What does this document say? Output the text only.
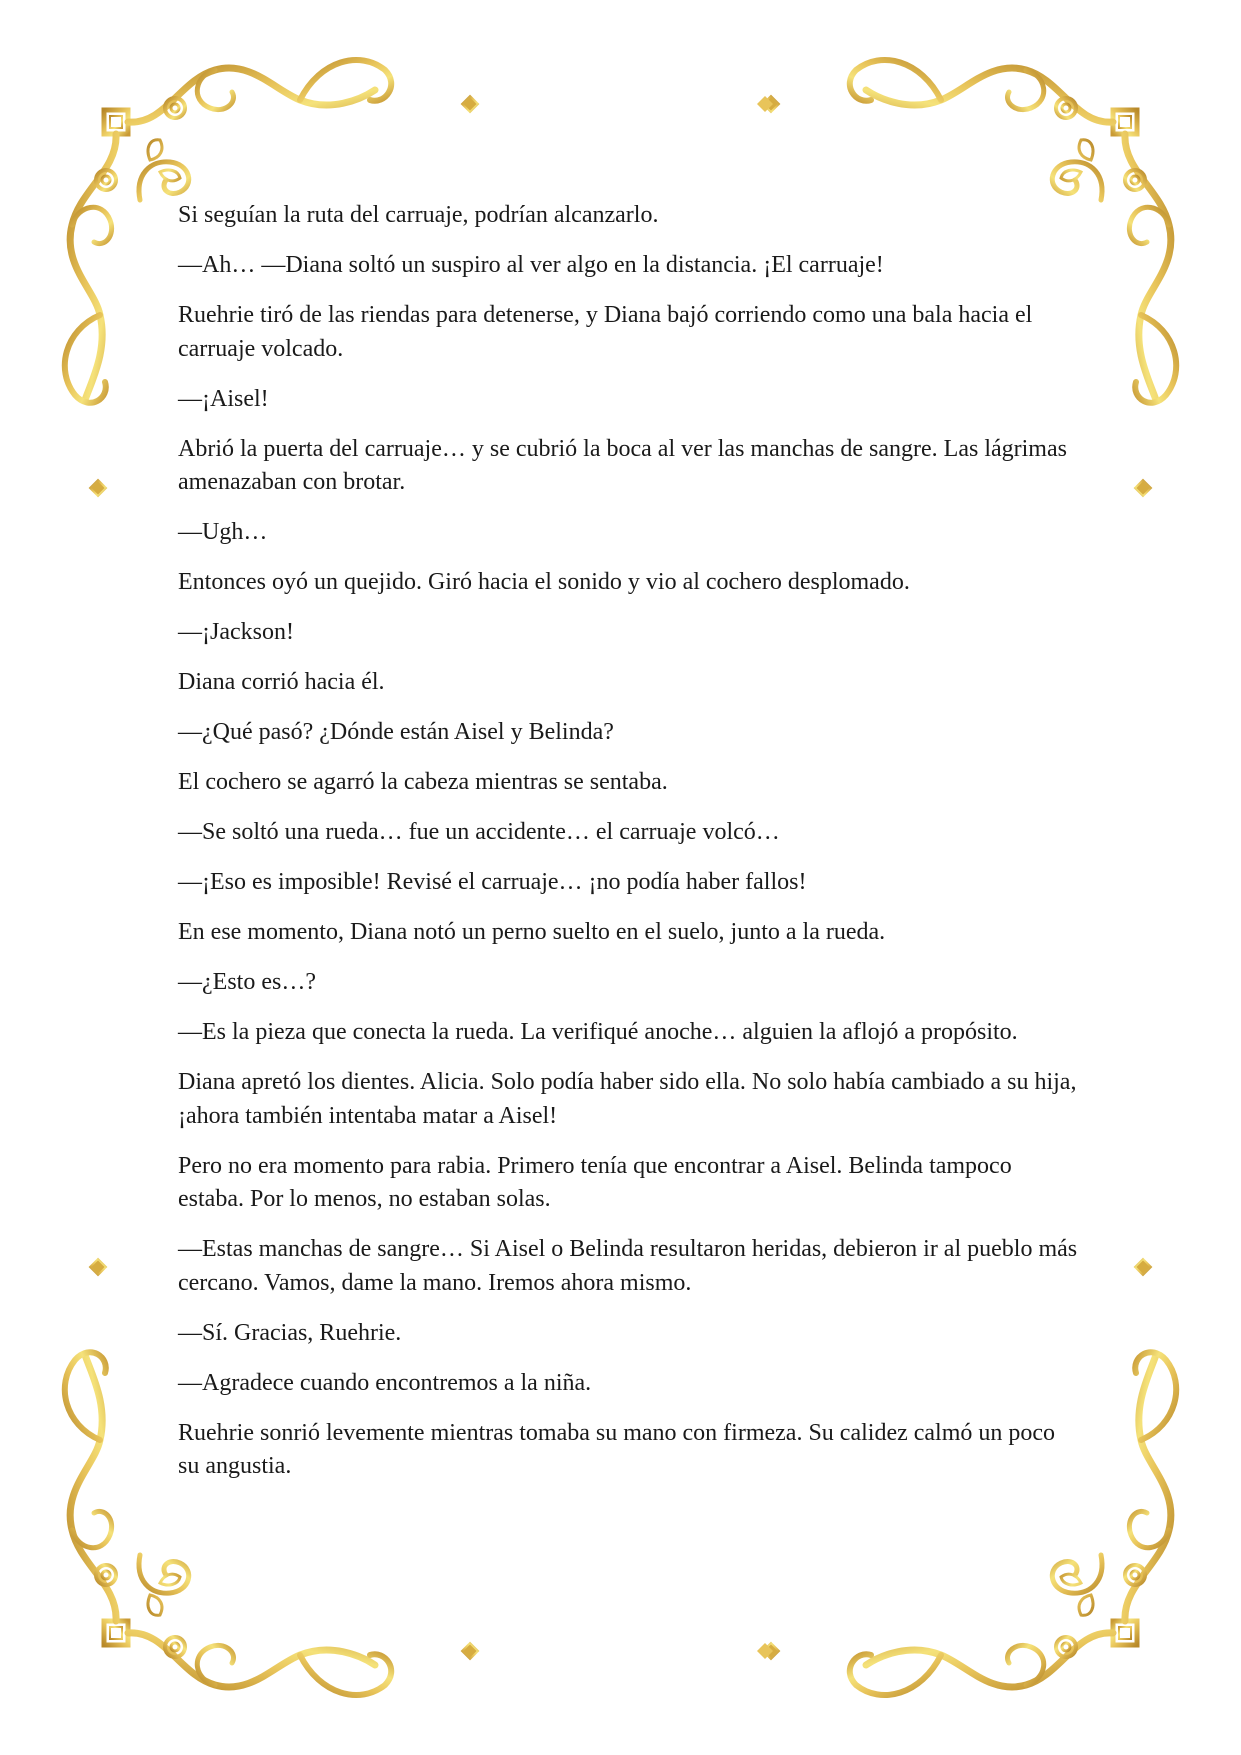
Si seguían la ruta del carruaje, podrían alcanzarlo.

—Ah… —Diana soltó un suspiro al ver algo en la distancia. ¡El carruaje!

Ruehrie tiró de las riendas para detenerse, y Diana bajó corriendo como una bala hacia el carruaje volcado.

—¡Aisel!

Abrió la puerta del carruaje… y se cubrió la boca al ver las manchas de sangre. Las lágrimas amenazaban con brotar.

—Ugh…

Entonces oyó un quejido. Giró hacia el sonido y vio al cochero desplomado.

—¡Jackson!

Diana corrió hacia él.

—¿Qué pasó? ¿Dónde están Aisel y Belinda?

El cochero se agarró la cabeza mientras se sentaba.

—Se soltó una rueda… fue un accidente… el carruaje volcó…

—¡Eso es imposible! Revisé el carruaje… ¡no podía haber fallos!

En ese momento, Diana notó un perno suelto en el suelo, junto a la rueda.

—¿Esto es…?

—Es la pieza que conecta la rueda. La verifiqué anoche… alguien la aflojó a propósito.

Diana apretó los dientes. Alicia. Solo podía haber sido ella. No solo había cambiado a su hija, ¡ahora también intentaba matar a Aisel!

Pero no era momento para rabia. Primero tenía que encontrar a Aisel. Belinda tampoco estaba. Por lo menos, no estaban solas.

—Estas manchas de sangre… Si Aisel o Belinda resultaron heridas, debieron ir al pueblo más cercano. Vamos, dame la mano. Iremos ahora mismo.

—Sí. Gracias, Ruehrie.

—Agradece cuando encontremos a la niña.

Ruehrie sonrió levemente mientras tomaba su mano con firmeza. Su calidez calmó un poco su angustia.
